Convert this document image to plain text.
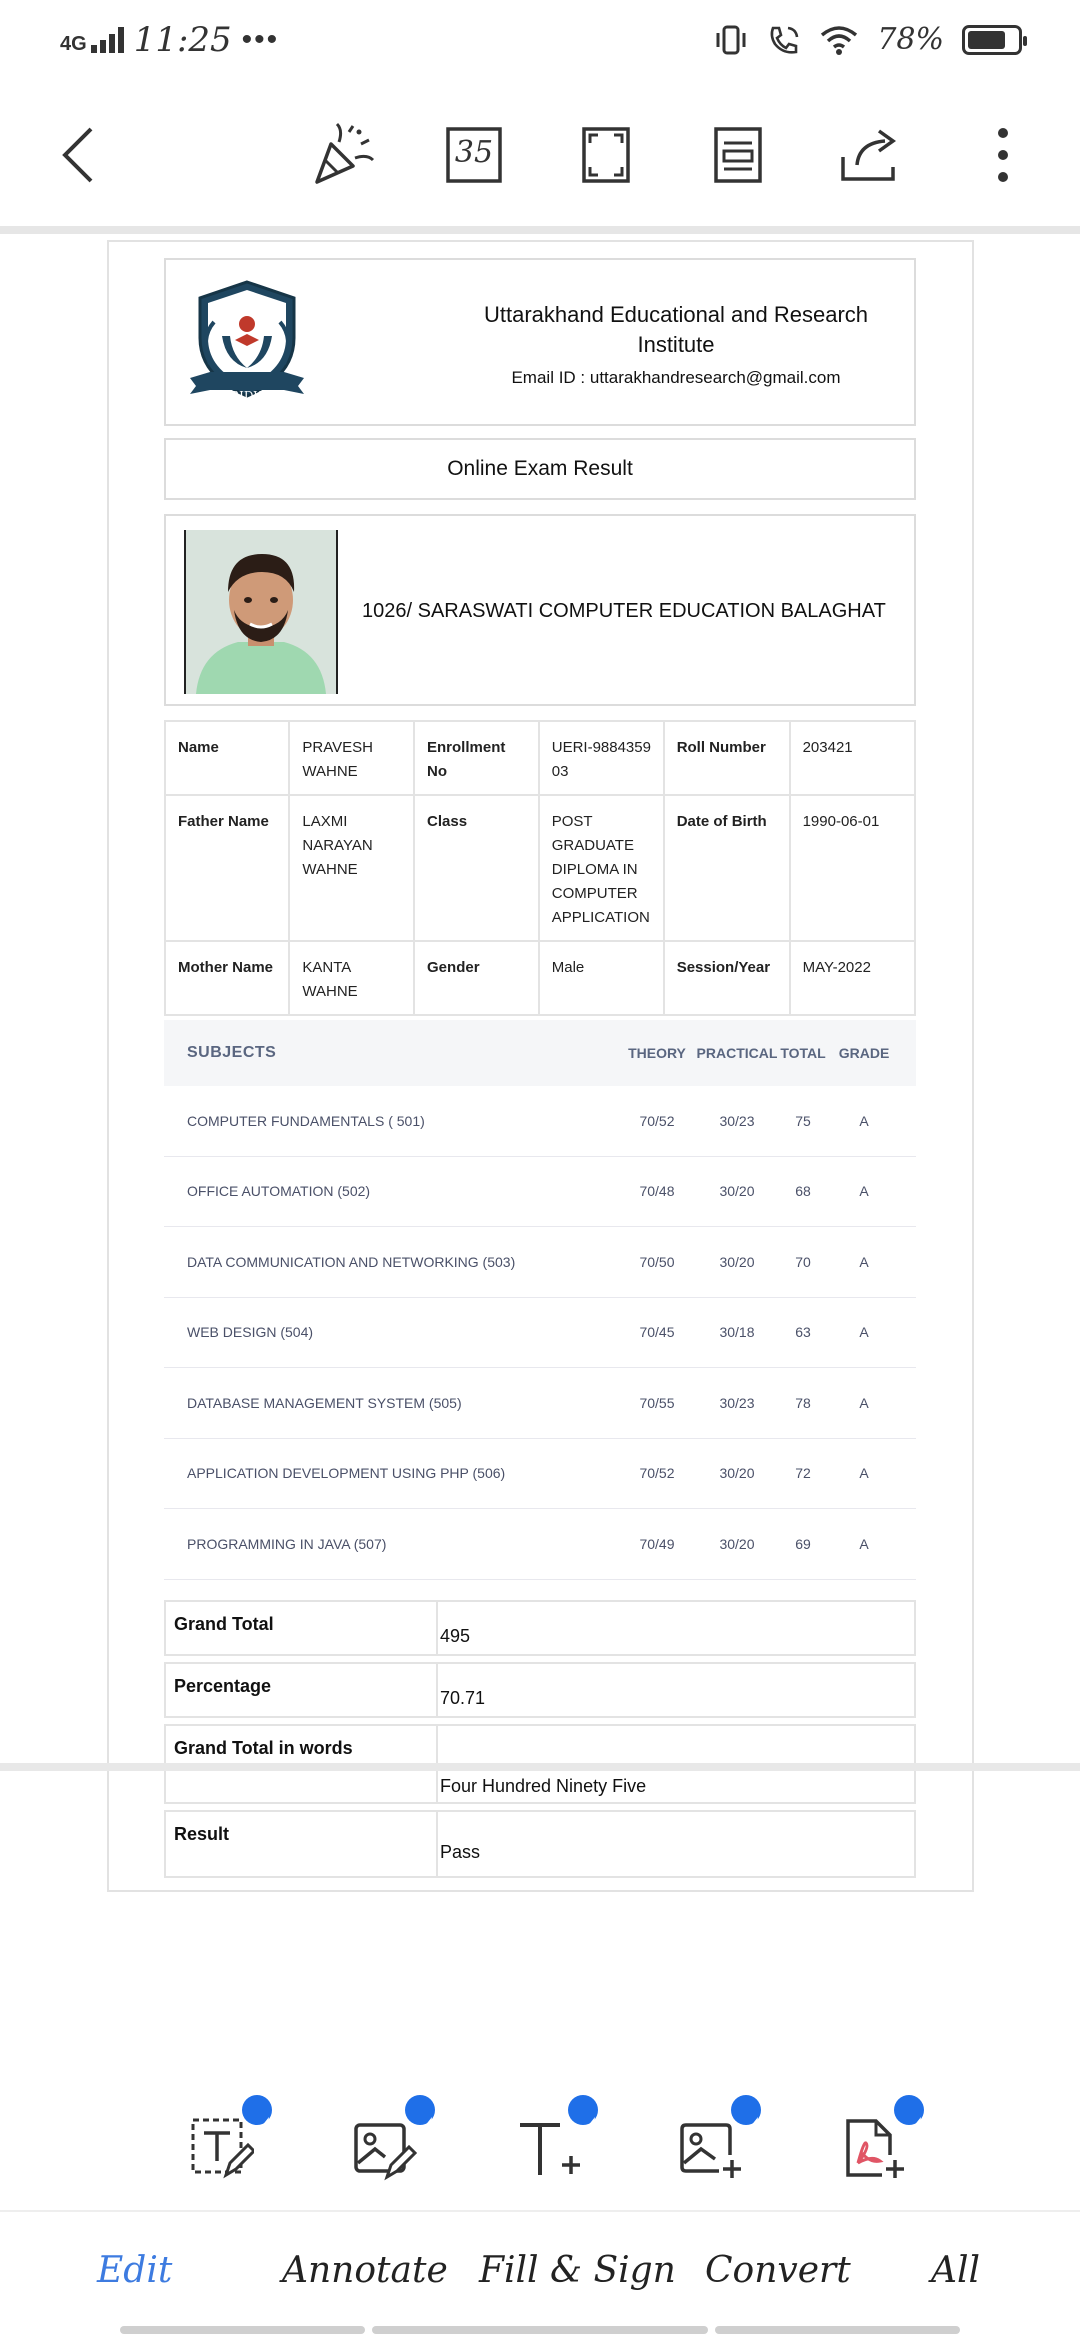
4G 11:25 •••	78%
35
HARIDWAR
Uttarakhand Educational and Research Institute
Email ID : uttarakhandresearch@gmail.com
Online Exam Result
1026/ SARASWATI COMPUTER EDUCATION BALAGHAT
Name	PRAVESH WAHNE	Enrollment No	UERI-988435903	Roll Number	203421
Father Name	LAXMI NARAYAN WAHNE	Class	POST GRADUATE DIPLOMA IN COMPUTER APPLICATION	Date of Birth	1990-06-01
Mother Name	KANTA WAHNE	Gender	Male	Session/Year	MAY-2022
SUBJECTS	THEORY PRACTICAL TOTAL GRADE
COMPUTER FUNDAMENTALS ( 501)	70/52	30/23	75	A
OFFICE AUTOMATION (502)	70/48	30/20	68	A
DATA COMMUNICATION AND NETWORKING (503)	70/50	30/20	70	A
WEB DESIGN (504)	70/45	30/18	63	A
DATABASE MANAGEMENT SYSTEM (505)	70/55	30/23	78	A
APPLICATION DEVELOPMENT USING PHP (506)	70/52	30/20	72	A
PROGRAMMING IN JAVA (507)	70/49	30/20	69	A
Grand Total
495
Percentage
70.71
Grand Total in words
Four Hundred Ninety Five
Result
Pass
Edit	Annotate Fill & Sign Convert All
